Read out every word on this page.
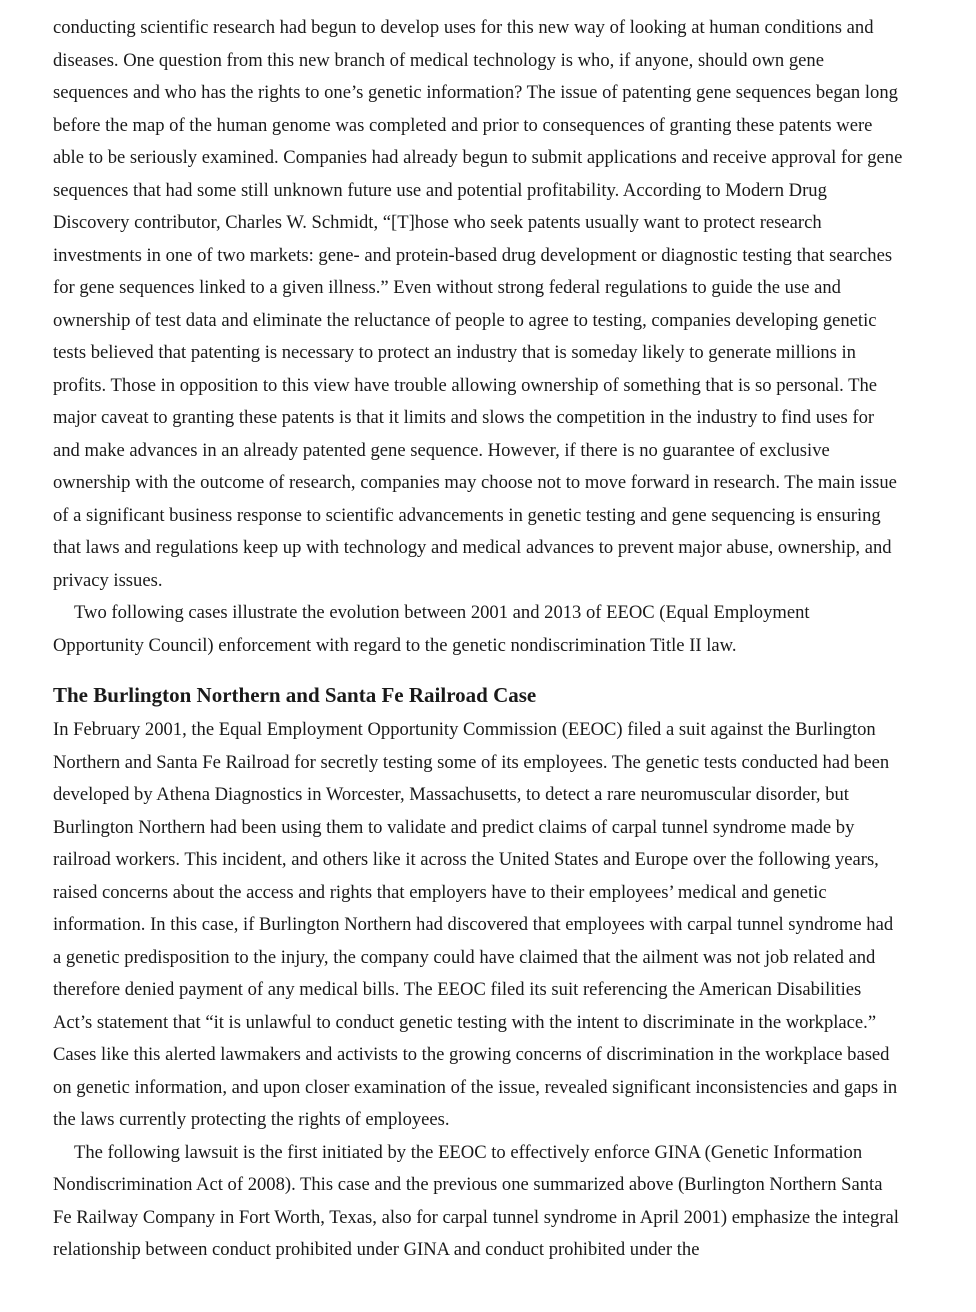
conducting scientific research had begun to develop uses for this new way of looking at human conditions and diseases. One question from this new branch of medical technology is who, if anyone, should own gene sequences and who has the rights to one’s genetic information? The issue of patenting gene sequences began long before the map of the human genome was completed and prior to consequences of granting these patents were able to be seriously examined. Companies had already begun to submit applications and receive approval for gene sequences that had some still unknown future use and potential profitability. According to Modern Drug Discovery contributor, Charles W. Schmidt, “[T]hose who seek patents usually want to protect research investments in one of two markets: gene- and protein-based drug development or diagnostic testing that searches for gene sequences linked to a given illness.” Even without strong federal regulations to guide the use and ownership of test data and eliminate the reluctance of people to agree to testing, companies developing genetic tests believed that patenting is necessary to protect an industry that is someday likely to generate millions in profits. Those in opposition to this view have trouble allowing ownership of something that is so personal. The major caveat to granting these patents is that it limits and slows the competition in the industry to find uses for and make advances in an already patented gene sequence. However, if there is no guarantee of exclusive ownership with the outcome of research, companies may choose not to move forward in research. The main issue of a significant business response to scientific advancements in genetic testing and gene sequencing is ensuring that laws and regulations keep up with technology and medical advances to prevent major abuse, ownership, and privacy issues.

Two following cases illustrate the evolution between 2001 and 2013 of EEOC (Equal Employment Opportunity Council) enforcement with regard to the genetic nondiscrimination Title II law.

The Burlington Northern and Santa Fe Railroad Case

In February 2001, the Equal Employment Opportunity Commission (EEOC) filed a suit against the Burlington Northern and Santa Fe Railroad for secretly testing some of its employees. The genetic tests conducted had been developed by Athena Diagnostics in Worcester, Massachusetts, to detect a rare neuromuscular disorder, but Burlington Northern had been using them to validate and predict claims of carpal tunnel syndrome made by railroad workers. This incident, and others like it across the United States and Europe over the following years, raised concerns about the access and rights that employers have to their employees’ medical and genetic information. In this case, if Burlington Northern had discovered that employees with carpal tunnel syndrome had a genetic predisposition to the injury, the company could have claimed that the ailment was not job related and therefore denied payment of any medical bills. The EEOC filed its suit referencing the American Disabilities Act’s statement that “it is unlawful to conduct genetic testing with the intent to discriminate in the workplace.” Cases like this alerted lawmakers and activists to the growing concerns of discrimination in the workplace based on genetic information, and upon closer examination of the issue, revealed significant inconsistencies and gaps in the laws currently protecting the rights of employees.

The following lawsuit is the first initiated by the EEOC to effectively enforce GINA (Genetic Information Nondiscrimination Act of 2008). This case and the previous one summarized above (Burlington Northern Santa Fe Railway Company in Fort Worth, Texas, also for carpal tunnel syndrome in April 2001) emphasize the integral relationship between conduct prohibited under GINA and conduct prohibited under the
